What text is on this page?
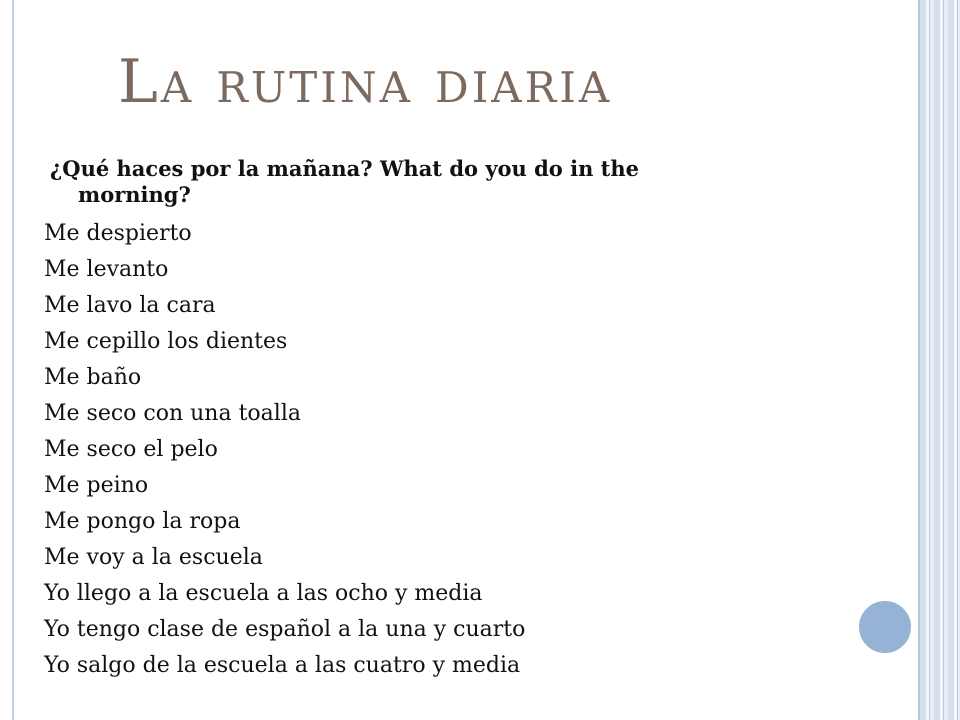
La rutina diaria

¿Qué haces por la mañana? What do you do in the
morning?

Me despierto
Me levanto
Me lavo la cara
Me cepillo los dientes
Me baño
Me seco con una toalla
Me seco el pelo
Me peino
Me pongo la ropa
Me voy a la escuela
Yo llego a la escuela a las ocho y media
Yo tengo clase de español a la una y cuarto
Yo salgo de la escuela a las cuatro y media
